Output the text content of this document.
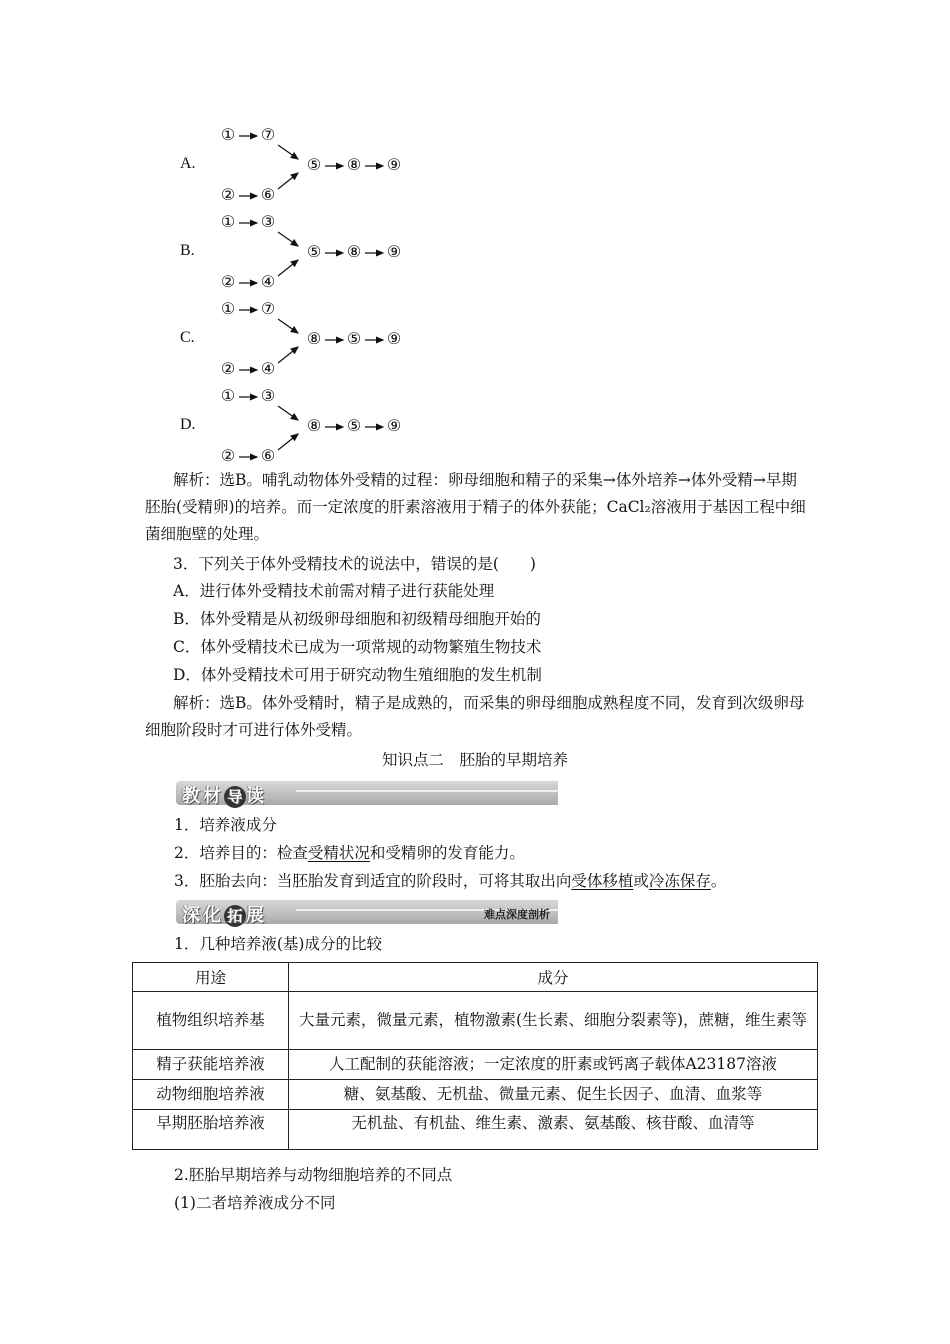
A.
① ⑦
② ⑥
⑤ ⑧ ⑨
B.
① ③
② ④
⑤ ⑧ ⑨
C.
① ⑦
② ④
⑧ ⑤ ⑨
D.
① ③
② ⑥
⑧ ⑤ ⑨
解析：选B。哺乳动物体外受精的过程：卵母细胞和精子的采集→体外培养→体外受精→早期胚胎(受精卵)的培养。而一定浓度的肝素溶液用于精子的体外获能；CaCl₂溶液用于基因工程中细菌细胞壁的处理。
3．下列关于体外受精技术的说法中，错误的是(　　)
A．进行体外受精技术前需对精子进行获能处理
B．体外受精是从初级卵母细胞和初级精母细胞开始的
C．体外受精技术已成为一项常规的动物繁殖生物技术
D．体外受精技术可用于研究动物生殖细胞的发生机制
解析：选B。体外受精时，精子是成熟的，而采集的卵母细胞成熟程度不同，发育到次级卵母细胞阶段时才可进行体外受精。
知识点二　胚胎的早期培养
教材 导 读
1．培养液成分
2．培养目的：检查受精状况和受精卵的发育能力。
3．胚胎去向：当胚胎发育到适宜的阶段时，可将其取出向受体移植或冷冻保存。
深化 拓 展	难点深度剖析
1．几种培养液(基)成分的比较
用途	成分
植物组织培养基	大量元素，微量元素，植物激素(生长素、细胞分裂素等)，蔗糖，维生素等
精子获能培养液	人工配制的获能溶液；一定浓度的肝素或钙离子载体A23187溶液
动物细胞培养液	糖、氨基酸、无机盐、微量元素、促生长因子、血清、血浆等
早期胚胎培养液	无机盐、有机盐、维生素、激素、氨基酸、核苷酸、血清等
2.胚胎早期培养与动物细胞培养的不同点
(1)二者培养液成分不同
